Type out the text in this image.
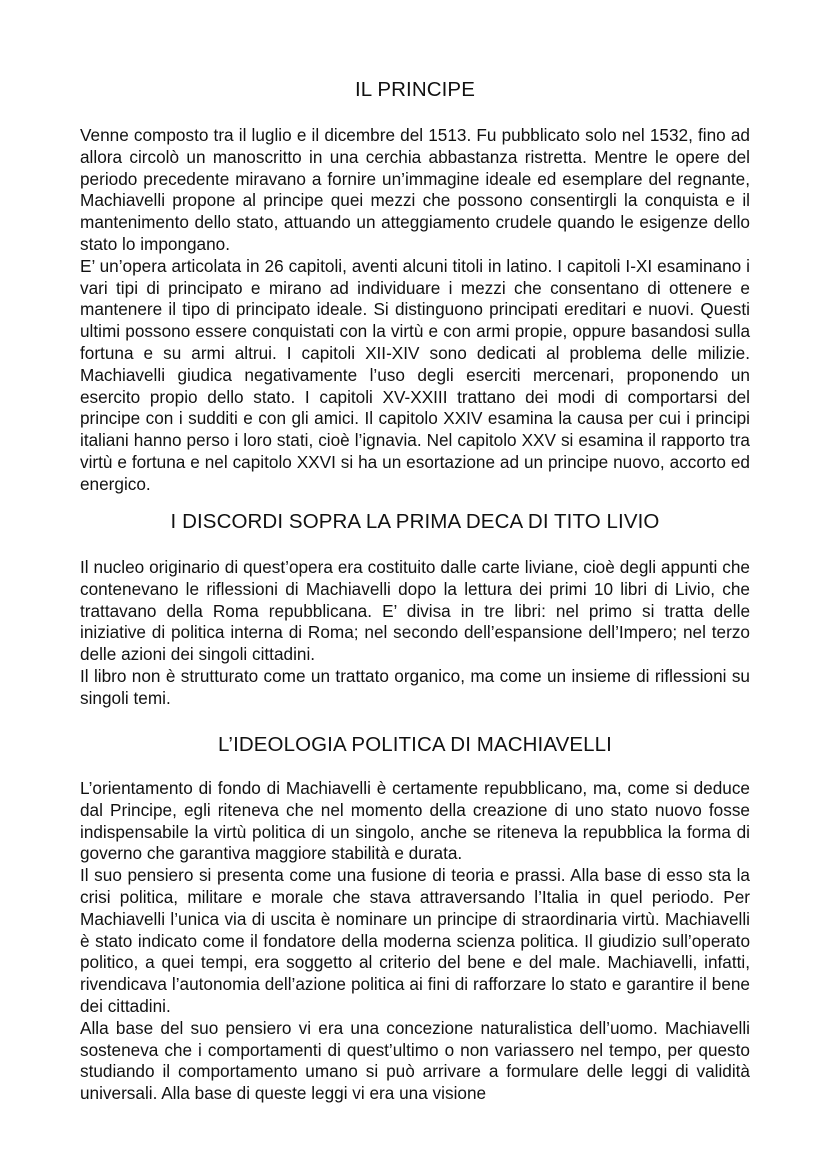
IL PRINCIPE

Venne composto tra il luglio e il dicembre del 1513. Fu pubblicato solo nel 1532, fino ad allora circolò un manoscritto in una cerchia abbastanza ristretta. Mentre le opere del periodo precedente miravano a fornire un’immagine ideale ed esemplare del regnante, Machiavelli propone al principe quei mezzi che possono consentirgli la conquista e il mantenimento dello stato, attuando un atteggiamento crudele quando le esigenze dello stato lo impongano.

E’ un’opera articolata in 26 capitoli, aventi alcuni titoli in latino. I capitoli I-XI esaminano i vari tipi di principato e mirano ad individuare i mezzi che consentano di ottenere e mantenere il tipo di principato ideale. Si distinguono principati ereditari e nuovi. Questi ultimi possono essere conquistati con la virtù e con armi propie, oppure basandosi sulla fortuna e su armi altrui. I capitoli XII-XIV sono dedicati al problema delle milizie. Machiavelli giudica negativamente l’uso degli eserciti mercenari, proponendo un esercito propio dello stato. I capitoli XV-XXIII trattano dei modi di comportarsi del principe con i sudditi e con gli amici. Il capitolo XXIV esamina la causa per cui i principi italiani hanno perso i loro stati, cioè l’ignavia. Nel capitolo XXV si esamina il rapporto tra virtù e fortuna e nel capitolo XXVI si ha un esortazione ad un principe nuovo, accorto ed energico.

I DISCORDI SOPRA LA PRIMA DECA DI TITO LIVIO

Il nucleo originario di quest’opera era costituito dalle carte liviane, cioè degli appunti che contenevano le riflessioni di Machiavelli dopo la lettura dei primi 10 libri di Livio, che trattavano della Roma repubblicana. E’ divisa in tre libri: nel primo si tratta delle iniziative di politica interna di Roma; nel secondo dell’espansione dell’Impero; nel terzo delle azioni dei singoli cittadini.

Il libro non è strutturato come un trattato organico, ma come un insieme di riflessioni su singoli temi.

L’IDEOLOGIA POLITICA DI MACHIAVELLI

L’orientamento di fondo di Machiavelli è certamente repubblicano, ma, come si deduce dal Principe, egli riteneva che nel momento della creazione di uno stato nuovo fosse indispensabile la virtù politica di un singolo, anche se riteneva la repubblica la forma di governo che garantiva maggiore stabilità e durata.

Il suo pensiero si presenta come una fusione di teoria e prassi. Alla base di esso sta la crisi politica, militare e morale che stava attraversando l’Italia in quel periodo. Per Machiavelli l’unica via di uscita è nominare un principe di straordinaria virtù. Machiavelli è stato indicato come il fondatore della moderna scienza politica. Il giudizio sull’operato politico, a quei tempi, era soggetto al criterio del bene e del male. Machiavelli, infatti, rivendicava l’autonomia dell’azione politica ai fini di rafforzare lo stato e garantire il bene dei cittadini.

Alla base del suo pensiero vi era una concezione naturalistica dell’uomo. Machiavelli sosteneva che i comportamenti di quest’ultimo o non variassero nel tempo, per questo studiando il comportamento umano si può arrivare a formulare delle leggi di validità universali. Alla base di queste leggi vi era una visione
